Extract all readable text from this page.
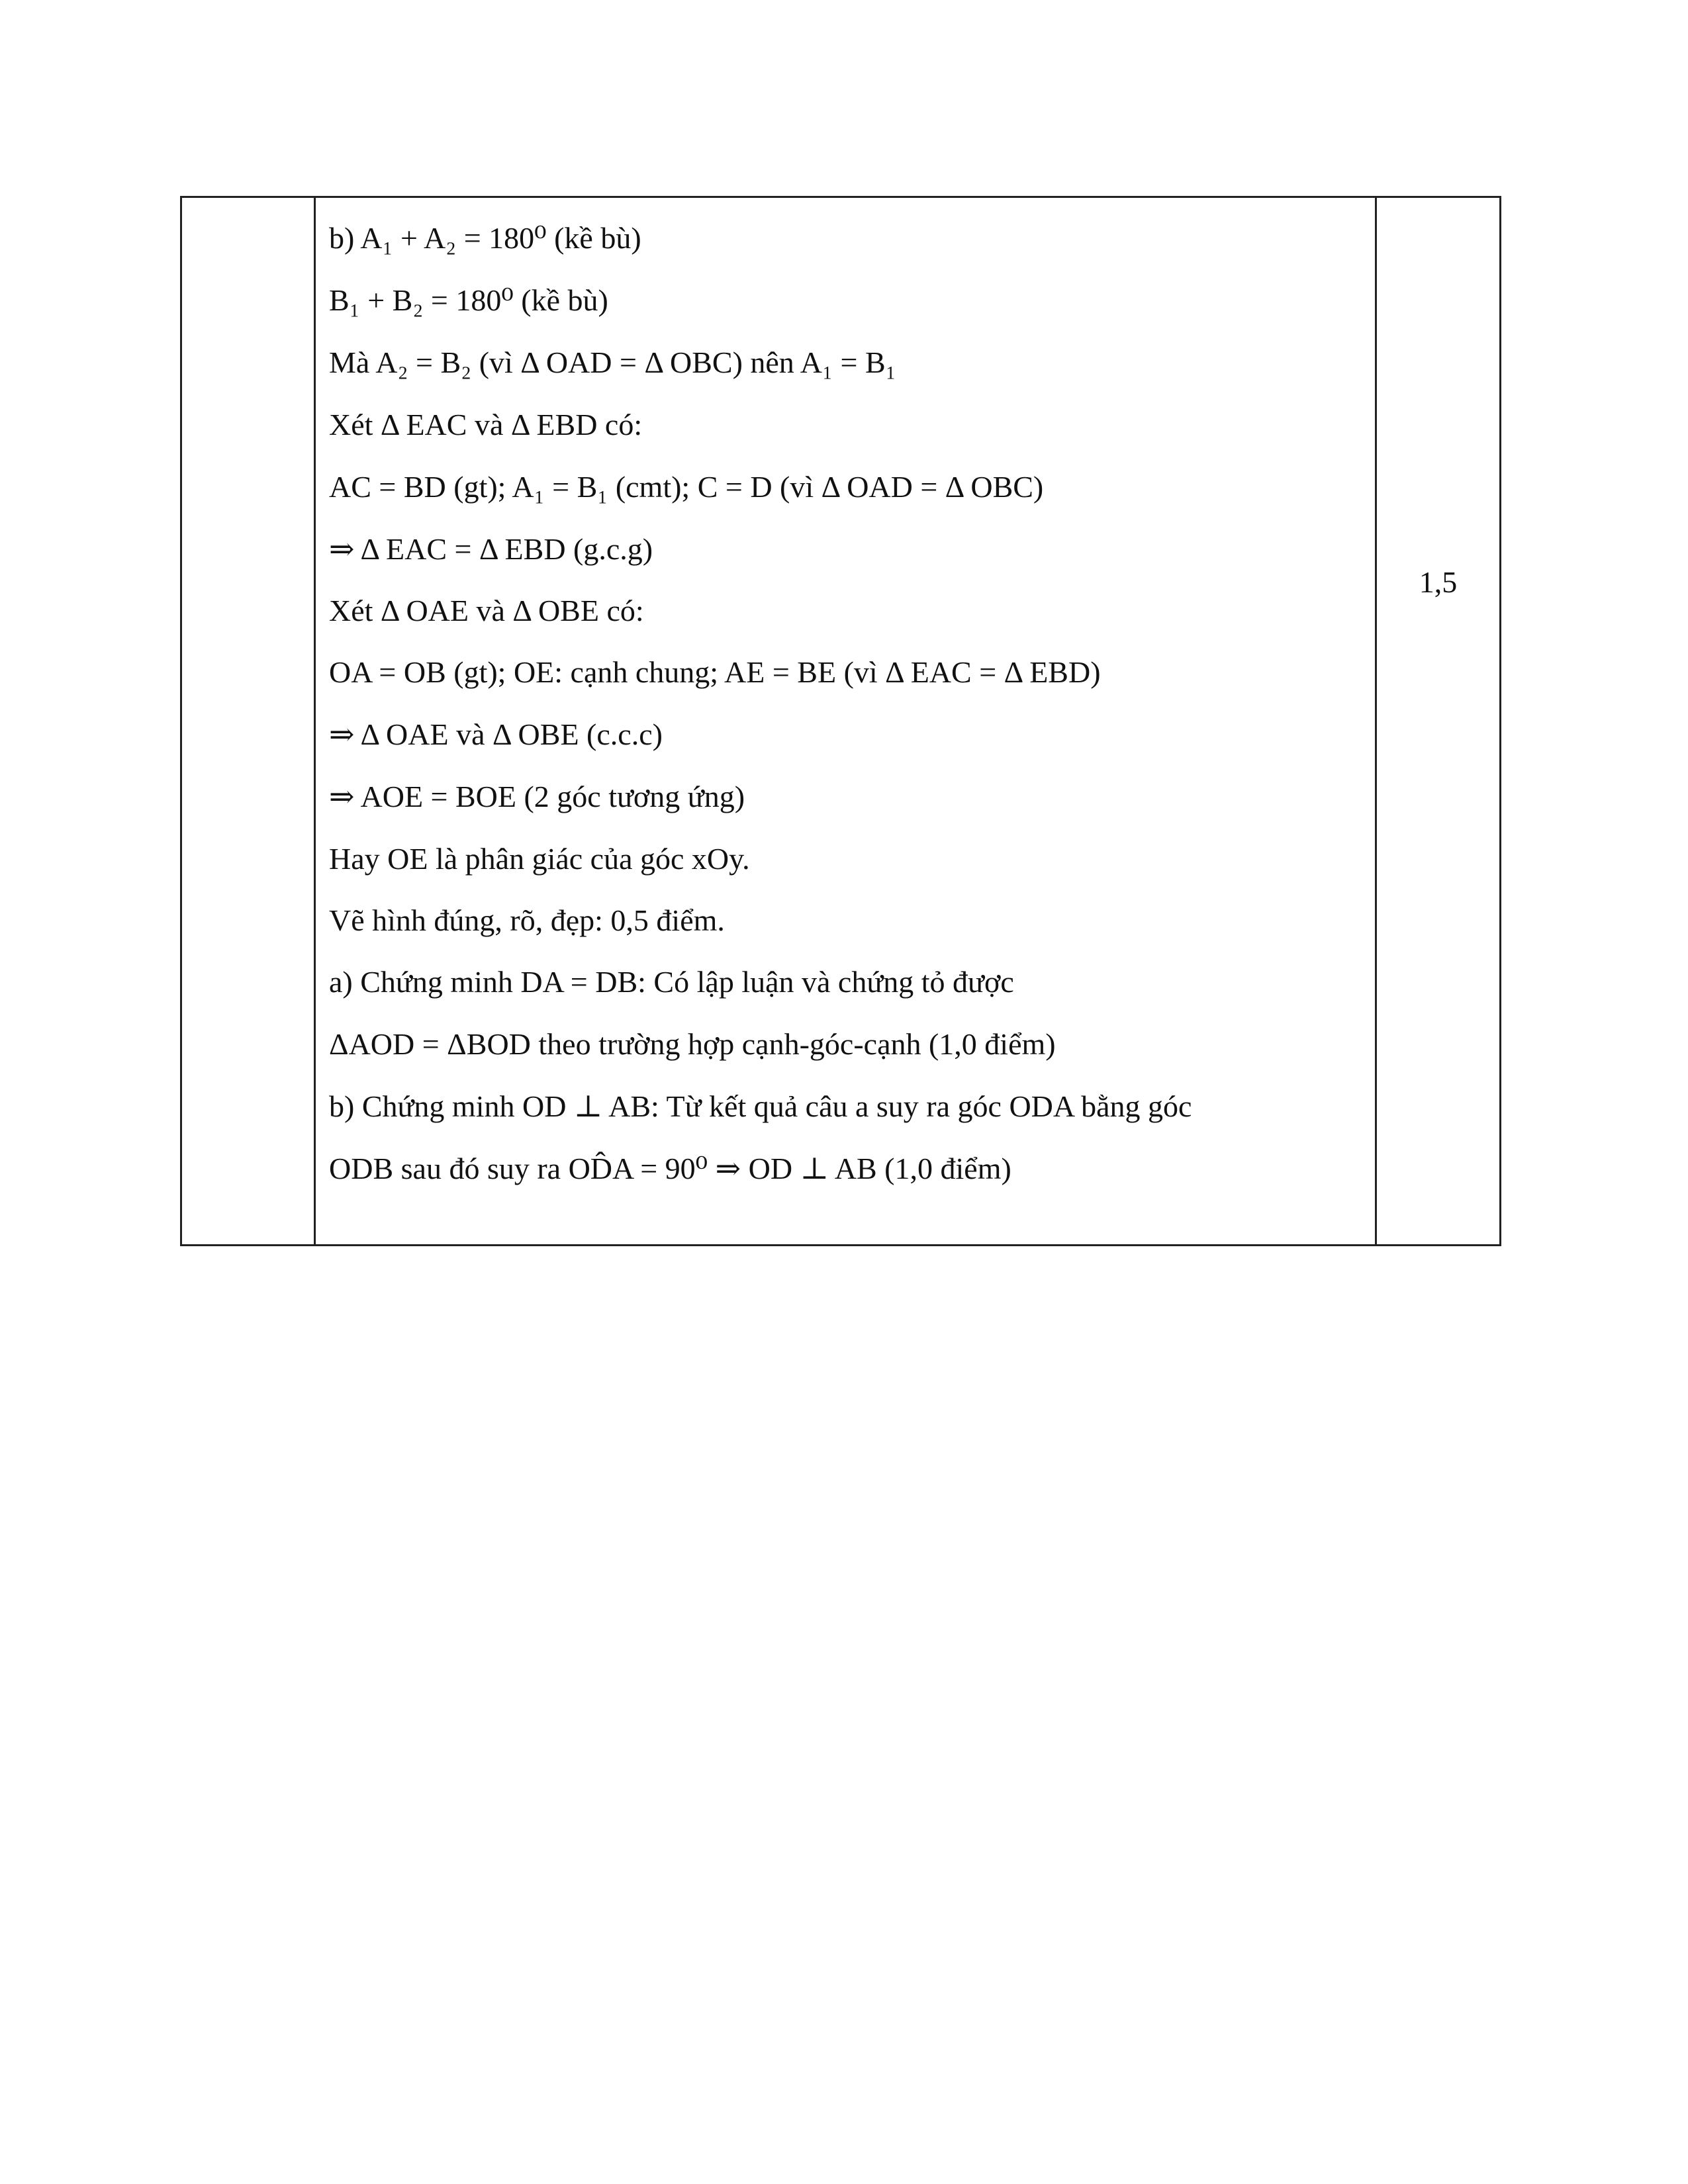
b) A₁ + A₂ = 180⁰ (kề bù)
B₁ + B₂ = 180⁰ (kề bù)
Mà A₂ = B₂ (vì Δ OAD = Δ OBC) nên A₁ = B₁
Xét Δ EAC và Δ EBD có:
AC = BD (gt); A₁ = B₁ (cmt); C = D (vì Δ OAD = Δ OBC)
⇒ Δ EAC = Δ EBD (g.c.g)
Xét Δ OAE và Δ OBE có:
OA = OB (gt); OE: cạnh chung; AE = BE (vì Δ EAC = Δ EBD)
⇒ Δ OAE và Δ OBE (c.c.c)
⇒ AOE = BOE (2 góc tương ứng)
Hay OE là phân giác của góc xOy.
Vẽ hình đúng, rõ, đẹp: 0,5 điểm.
a) Chứng minh DA = DB: Có lập luận và chứng tỏ được
ΔAOD = ΔBOD theo trường hợp cạnh-góc-cạnh (1,0 điểm)
b) Chứng minh OD ⊥ AB: Từ kết quả câu a suy ra góc ODA bằng góc
ODB sau đó suy ra OD̂A = 90⁰ ⇒ OD ⊥ AB (1,0 điểm)
	1,5
